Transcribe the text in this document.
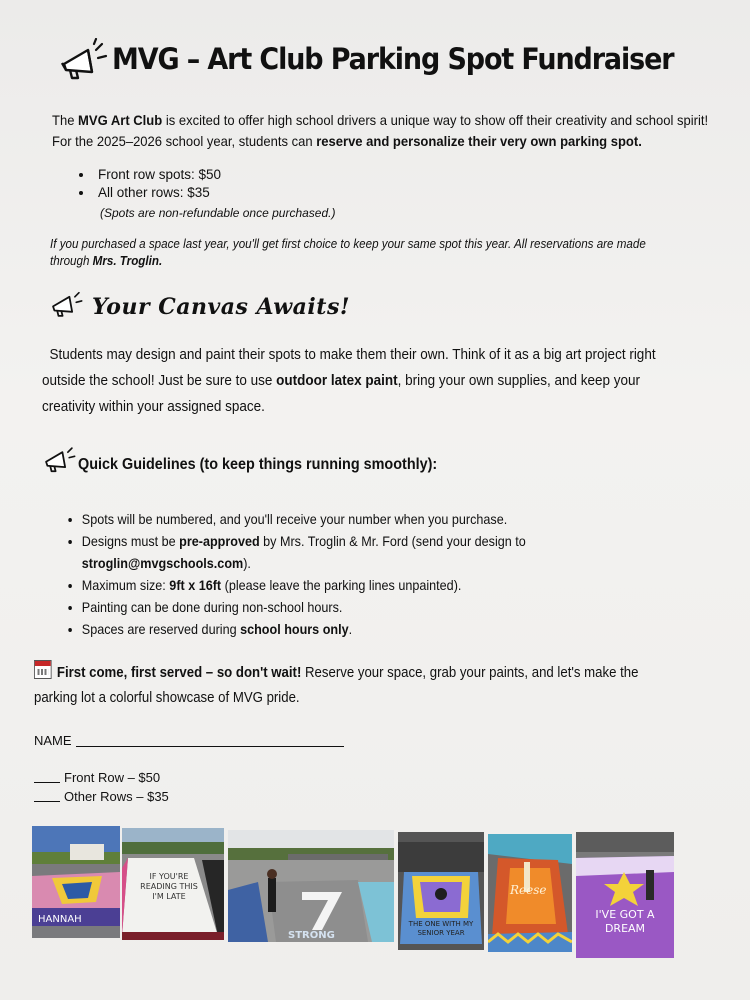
MVG – Art Club Parking Spot Fundraiser
The MVG Art Club is excited to offer high school drivers a unique way to show off their creativity and school spirit!
For the 2025–2026 school year, students can reserve and personalize their very own parking spot.
• Front row spots: $50
• All other rows: $35
(Spots are non-refundable once purchased.)
If you purchased a space last year, you'll get first choice to keep your same spot this year. All reservations are made through Mrs. Troglin.
Your Canvas Awaits!
Students may design and paint their spots to make them their own. Think of it as a big art project right outside the school! Just be sure to use outdoor latex paint, bring your own supplies, and keep your creativity within your assigned space.
Quick Guidelines (to keep things running smoothly):
• Spots will be numbered, and you'll receive your number when you purchase.
• Designs must be pre-approved by Mrs. Troglin & Mr. Ford (send your design to
stroglin@mvgschools.com).
• Maximum size: 9ft x 16ft (please leave the parking lines unpainted).
• Painting can be done during non-school hours.
• Spaces are reserved during school hours only.
First come, first served – so don't wait! Reserve your space, grab your paints, and let's make the parking lot a colorful showcase of MVG pride.
NAME
Front Row – $50
Other Rows – $35
HANNAH
IF YOU'RE READING THIS I'M LATE
STRONG
THE ONE WITH MY SENIOR YEAR
Reese
I'VE GOT A DREAM
